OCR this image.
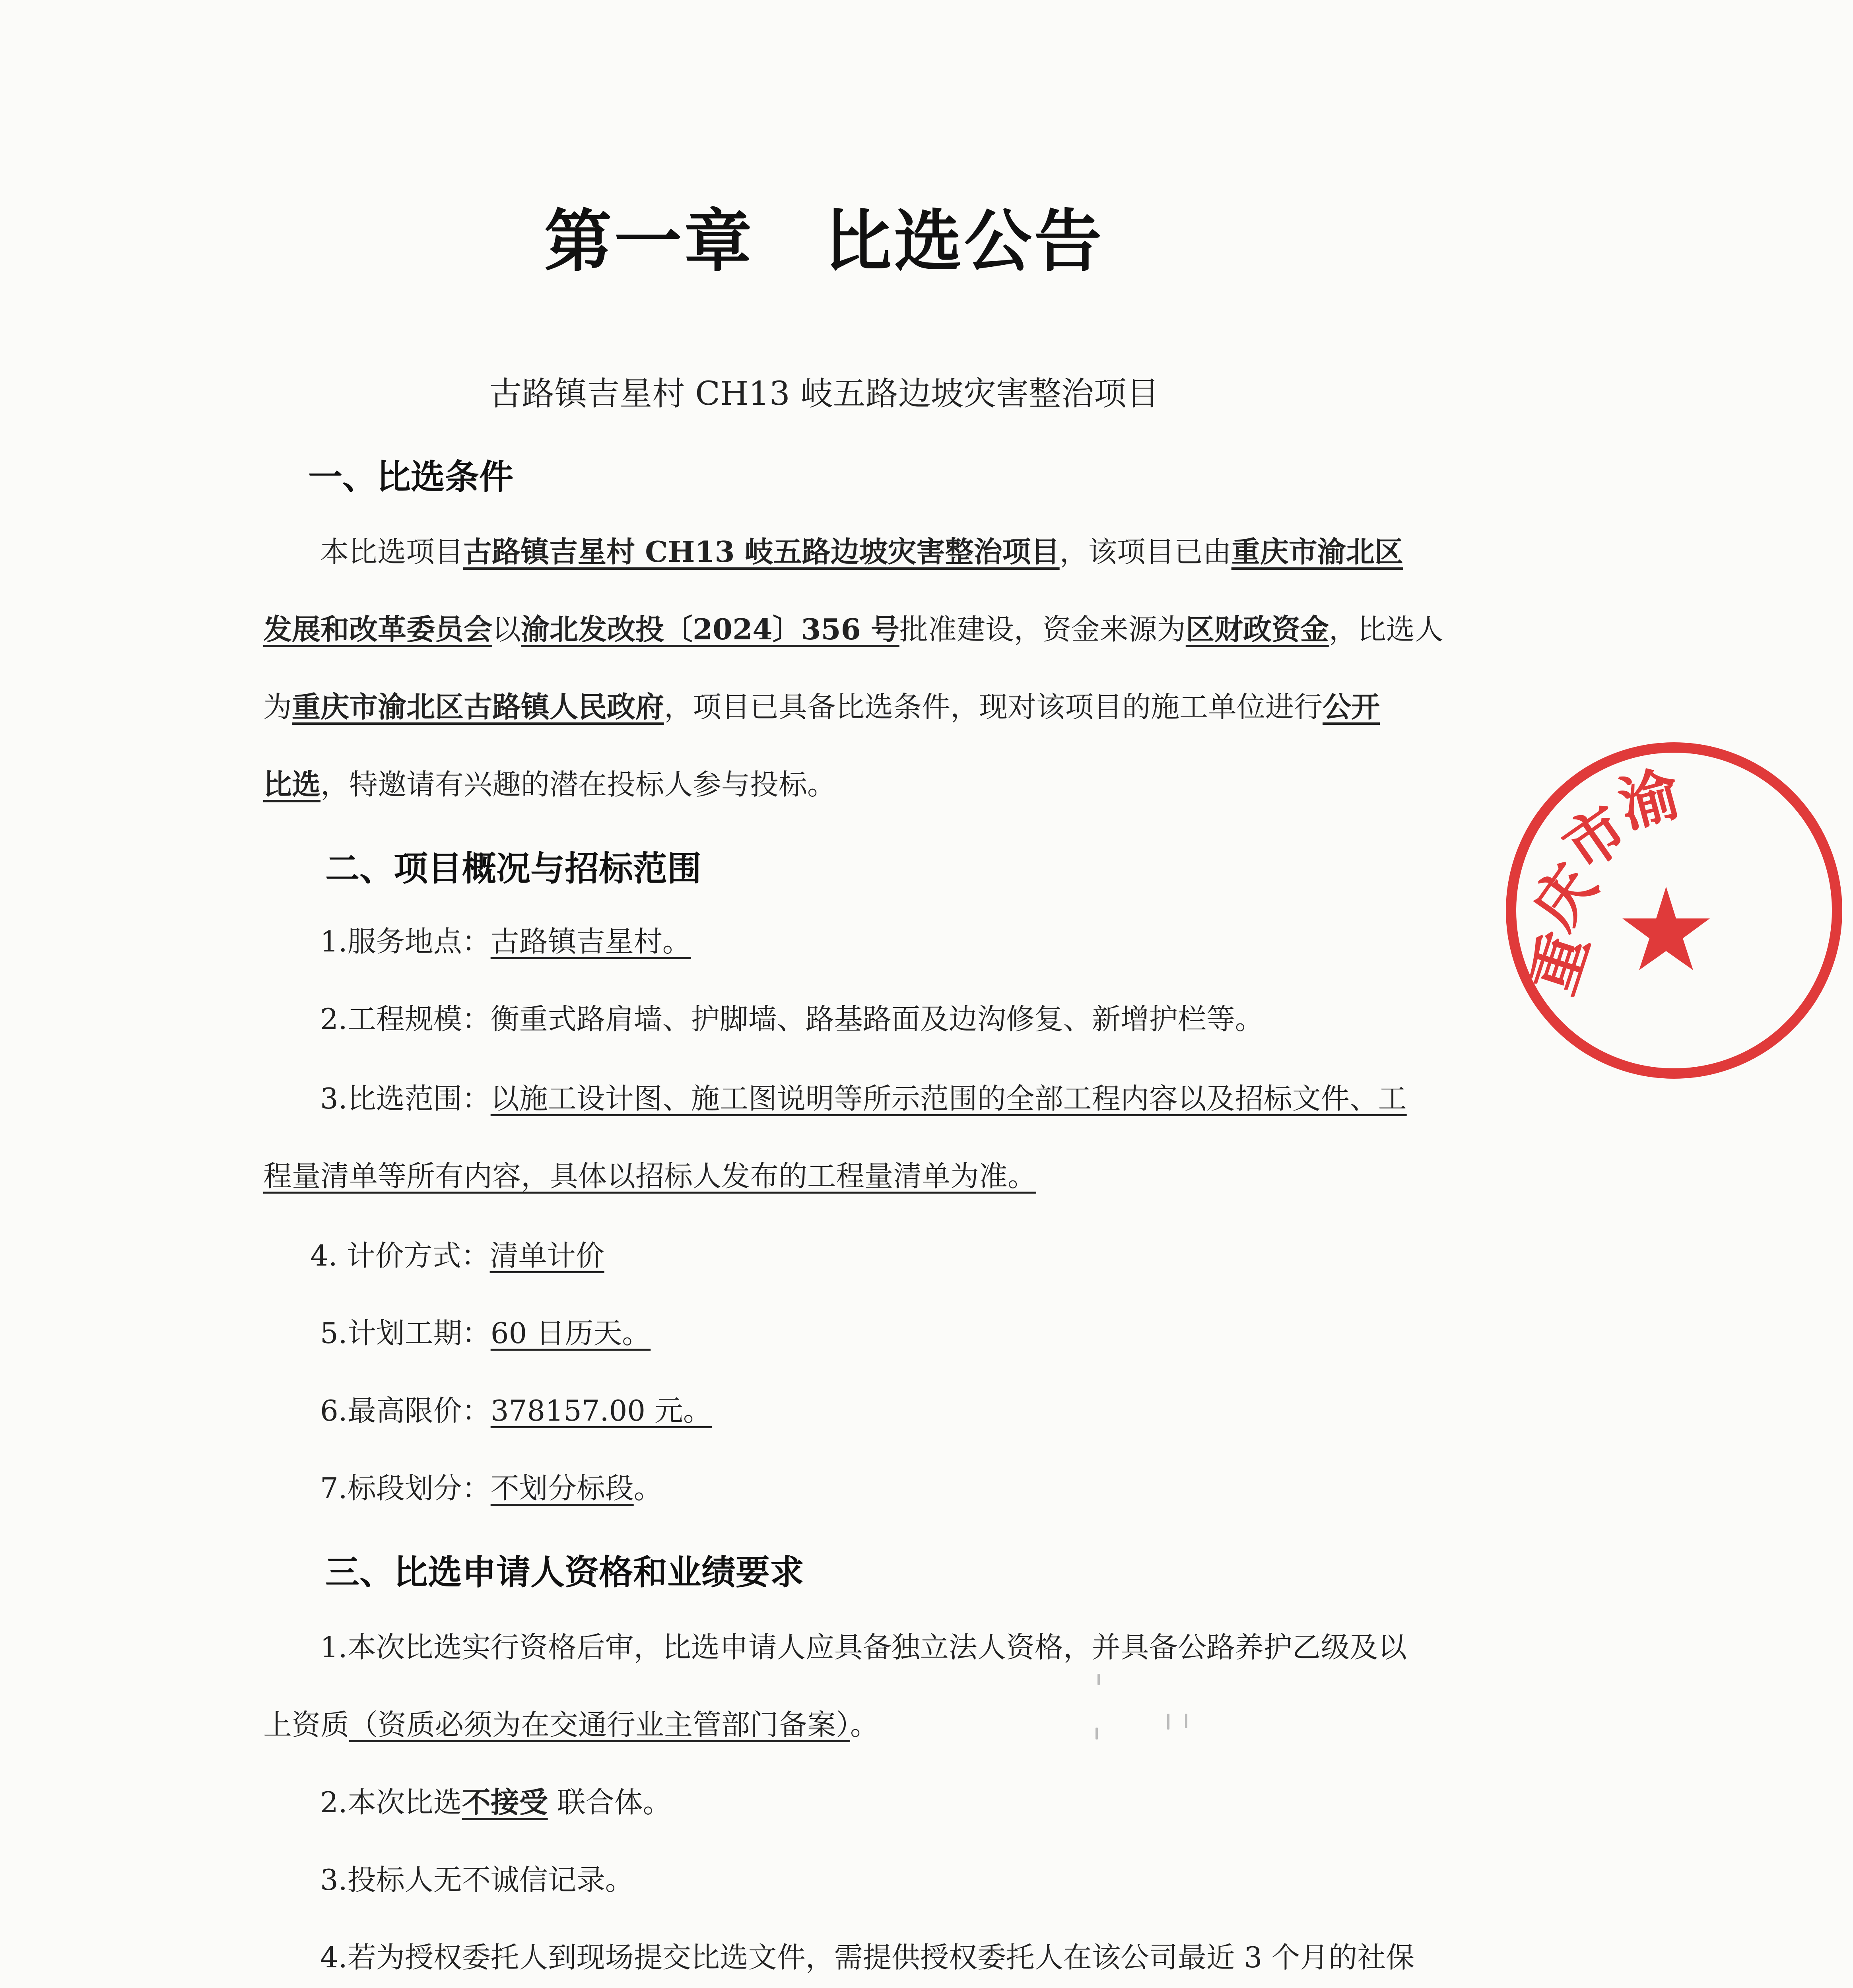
第一章　比选公告
古路镇吉星村 CH13 岐五路边坡灾害整治项目
一、比选条件
本比选项目古路镇吉星村 CH13 岐五路边坡灾害整治项目，该项目已由重庆市渝北区
发展和改革委员会以渝北发改投〔2024〕356 号批准建设，资金来源为区财政资金，比选人
为重庆市渝北区古路镇人民政府，项目已具备比选条件，现对该项目的施工单位进行公开
比选，特邀请有兴趣的潜在投标人参与投标。
二、项目概况与招标范围
1.服务地点：古路镇吉星村。
2.工程规模：衡重式路肩墙、护脚墙、路基路面及边沟修复、新增护栏等。
3.比选范围：以施工设计图、施工图说明等所示范围的全部工程内容以及招标文件、工
程量清单等所有内容，具体以招标人发布的工程量清单为准。
4. 计价方式：清单计价
5.计划工期：60 日历天。
6.最高限价：378157.00 元。
7.标段划分：不划分标段。
三、比选申请人资格和业绩要求
1.本次比选实行资格后审，比选申请人应具备独立法人资格，并具备公路养护乙级及以
上资质（资质必须为在交通行业主管部门备案）。
2.本次比选不接受 联合体。
3.投标人无不诚信记录。
4.若为授权委托人到现场提交比选文件，需提供授权委托人在该公司最近 3 个月的社保
重
庆
市
渝
